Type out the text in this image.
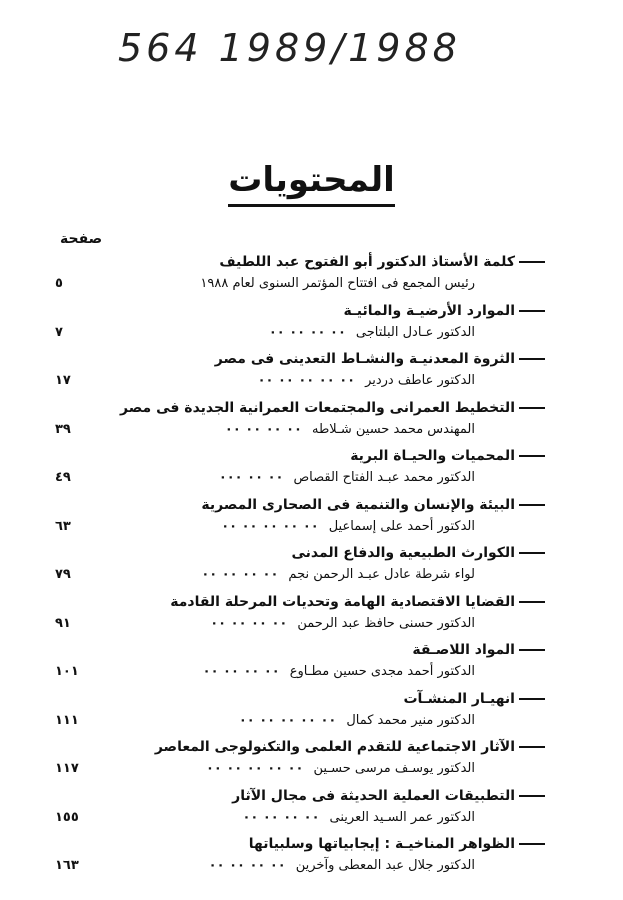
564 1989/1988
المحتويات
صفحة
كلمة الأستاذ الدكتور أبو الفتوح عبد اللطيف
رئيس المجمع فى افتتاح المؤتمر السنوى لعام ١٩٨٨
٥
الموارد الأرضيـة والمائيـة
الدكتور عـادل البلتاجى٠٠ ٠٠ ٠٠ ٠٠
٧
الثروة المعدنيـة والنشـاط التعدينى فى مصر
الدكتور عاطف دردير٠٠ ٠٠ ٠٠ ٠٠ ٠٠
١٧
التخطيط العمرانى والمجتمعات العمرانية الجديدة فى مصر
المهندس محمد حسين شـلاطه٠٠ ٠٠ ٠٠ ٠٠
٣٩
المحميات والحيـاة البرية
الدكتور محمد عبـد الفتاح القصاص٠٠ ٠٠ ٠٠٠
٤٩
البيئة والإنسان والتنمية فى الصحارى المصرية
الدكتور أحمد على إسماعيل٠٠ ٠٠ ٠٠ ٠٠ ٠٠
٦٣
الكوارث الطبيعية والدفاع المدنى
لواء شرطة عادل عبـد الرحمن نجم٠٠ ٠٠ ٠٠ ٠٠
٧٩
القضايا الاقتصادية الهامة وتحديات المرحلة القادمة
الدكتور حسنى حافظ عبد الرحمن٠٠ ٠٠ ٠٠ ٠٠
٩١
المواد اللاصـقة
الدكتور أحمد مجدى حسين مطـاوع٠٠ ٠٠ ٠٠ ٠٠
١٠١
انهيـار المنشـآت
الدكتور منير محمد كمال٠٠ ٠٠ ٠٠ ٠٠ ٠٠
١١١
الآثار الاجتماعية للتقدم العلمى والتكنولوجى المعاصر
الدكتور يوسـف مرسى حسـين٠٠ ٠٠ ٠٠ ٠٠ ٠٠
١١٧
التطبيقات العملية الحديثة فى مجال الآثار
الدكتور عمر السـيد العرينى٠٠ ٠٠ ٠٠ ٠٠
١٥٥
الظواهر المناخيـة : إيجابياتها وسلبياتها
الدكتور جلال عبد المعطى وآخرين٠٠ ٠٠ ٠٠ ٠٠
١٦٣
